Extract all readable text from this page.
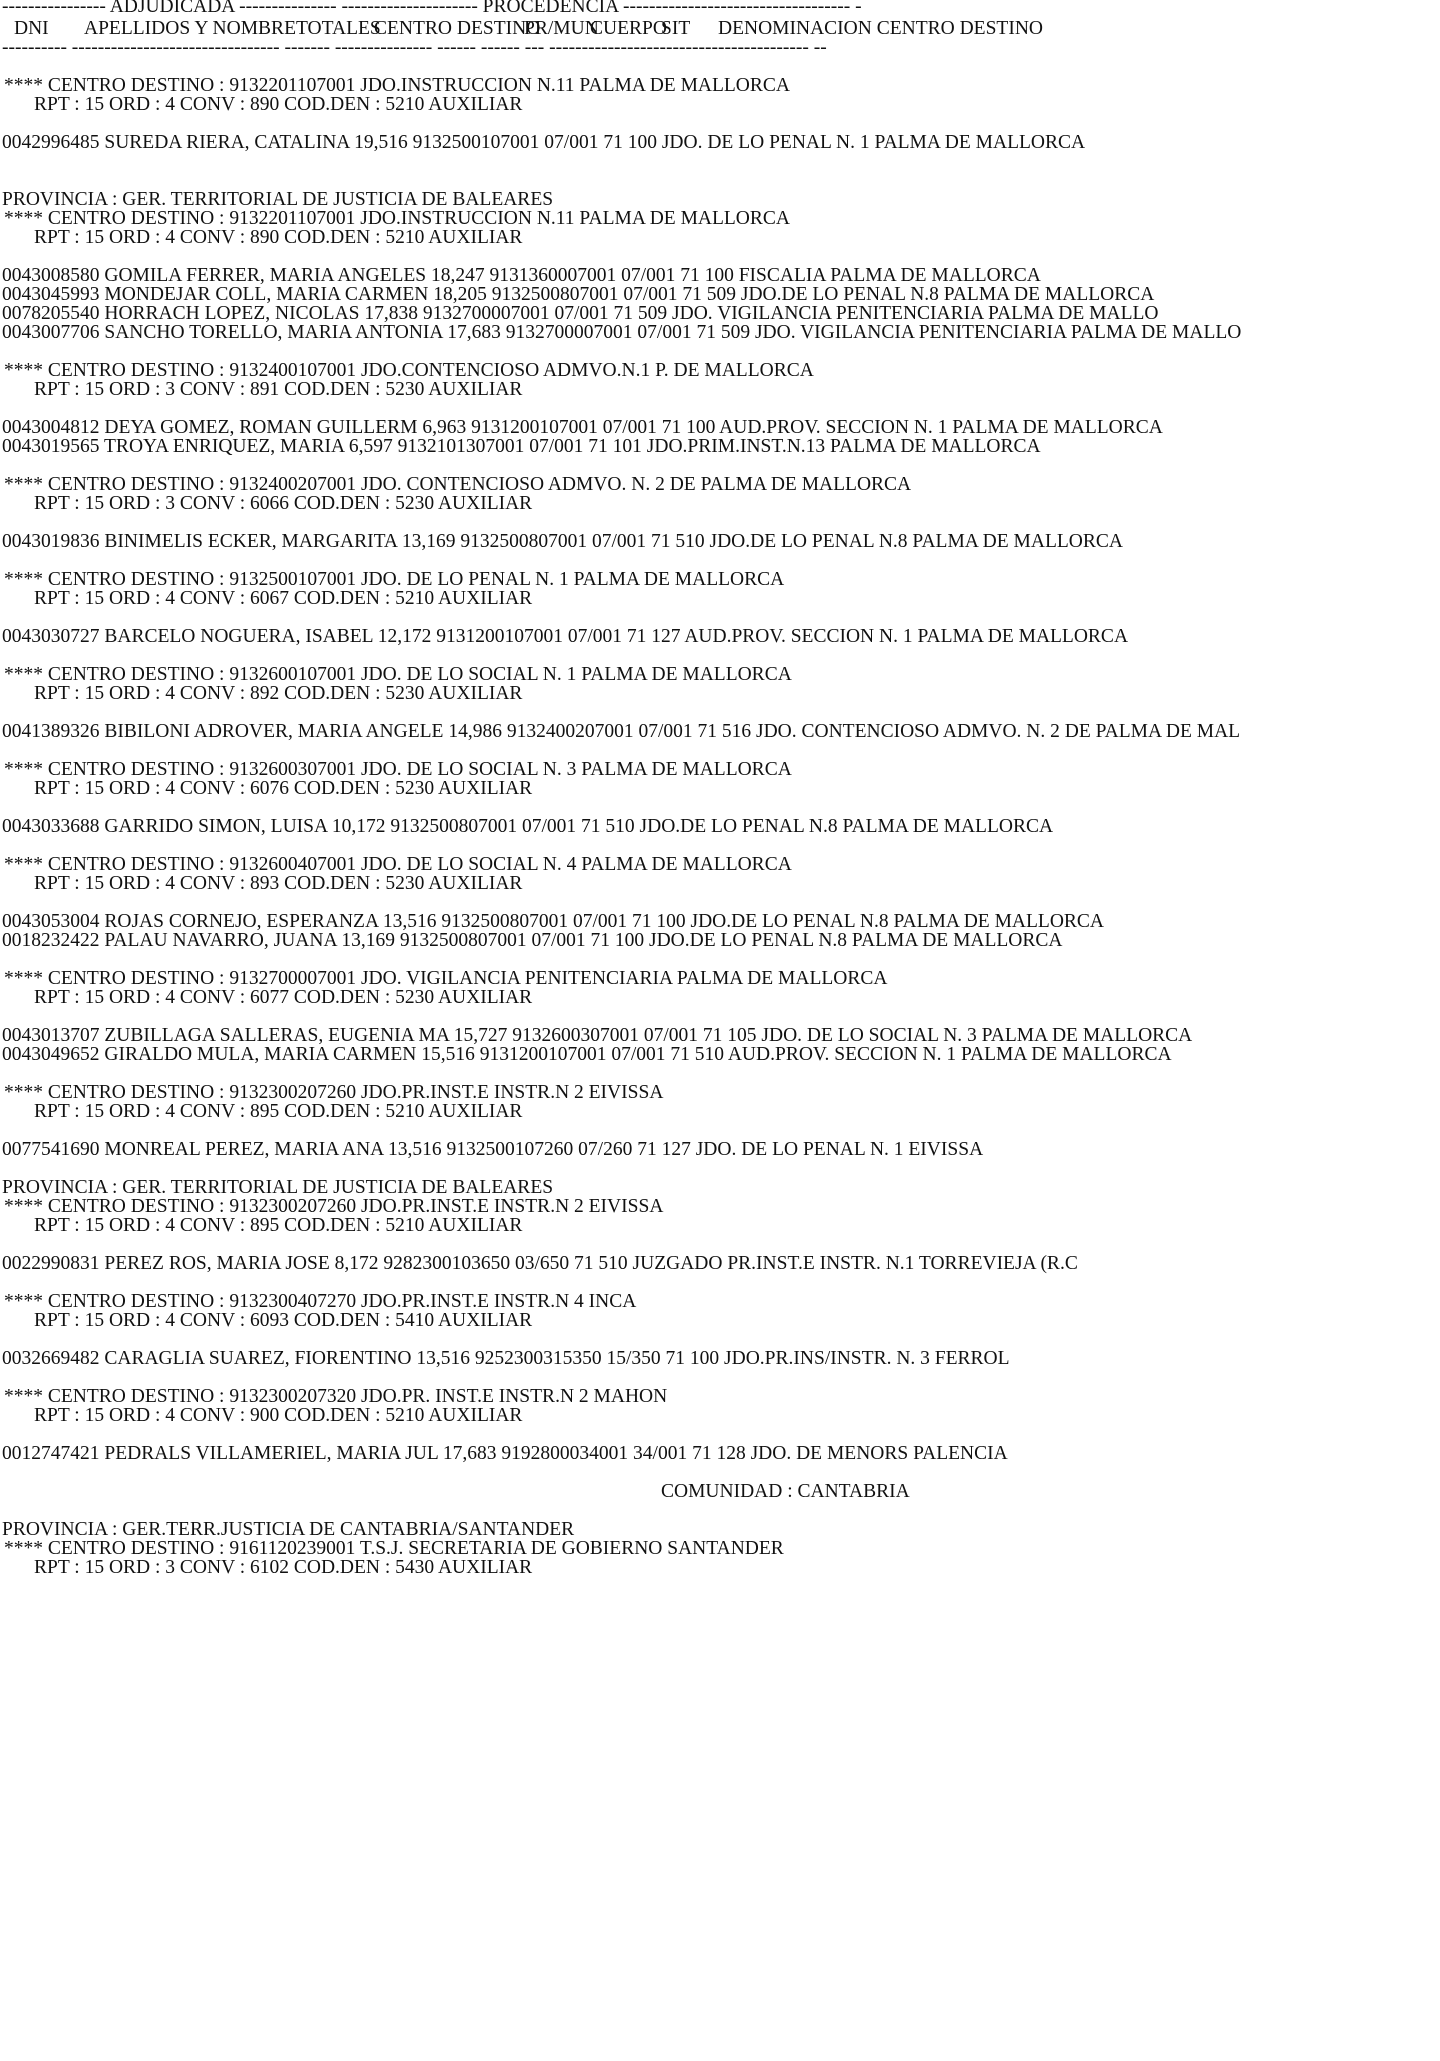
---------------- ADJUDICADA --------------- --------------------- PROCEDENCIA ----------------------------------- -
DNI APELLIDOS Y NOMBRE TOTALES
CENTRO DESTINO
PR/MUN
CUERPO
SIT DENOMINACION CENTRO DESTINO
---------- -------------------------------- ------- --------------- ------ ------ --- ---------------------------------------- --
**** CENTRO DESTINO : 9132201107001 JDO.INSTRUCCION N.11 PALMA DE MALLORCA
RPT : 15 ORD : 4 CONV : 890 COD.DEN : 5210 AUXILIAR
0042996485 SUREDA RIERA, CATALINA 19,516 9132500107001 07/001 71 100 JDO. DE LO PENAL N. 1 PALMA DE MALLORCA
PROVINCIA : GER. TERRITORIAL DE JUSTICIA DE BALEARES
**** CENTRO DESTINO : 9132201107001 JDO.INSTRUCCION N.11 PALMA DE MALLORCA
RPT : 15 ORD : 4 CONV : 890 COD.DEN : 5210 AUXILIAR
0043008580 GOMILA FERRER, MARIA ANGELES 18,247 9131360007001 07/001 71 100 FISCALIA PALMA DE MALLORCA
0043045993 MONDEJAR COLL, MARIA CARMEN 18,205 9132500807001 07/001 71 509 JDO.DE LO PENAL N.8 PALMA DE MALLORCA
0078205540 HORRACH LOPEZ, NICOLAS 17,838 9132700007001 07/001 71 509 JDO. VIGILANCIA PENITENCIARIA PALMA DE MALLO
0043007706 SANCHO TORELLO, MARIA ANTONIA 17,683 9132700007001 07/001 71 509 JDO. VIGILANCIA PENITENCIARIA PALMA DE MALLO
**** CENTRO DESTINO : 9132400107001 JDO.CONTENCIOSO ADMVO.N.1 P. DE MALLORCA
RPT : 15 ORD : 3 CONV : 891 COD.DEN : 5230 AUXILIAR
0043004812 DEYA GOMEZ, ROMAN GUILLERM 6,963 9131200107001 07/001 71 100 AUD.PROV. SECCION N. 1 PALMA DE MALLORCA
0043019565 TROYA ENRIQUEZ, MARIA 6,597 9132101307001 07/001 71 101 JDO.PRIM.INST.N.13 PALMA DE MALLORCA
**** CENTRO DESTINO : 9132400207001 JDO. CONTENCIOSO ADMVO. N. 2 DE PALMA DE MALLORCA
RPT : 15 ORD : 3 CONV : 6066 COD.DEN : 5230 AUXILIAR
0043019836 BINIMELIS ECKER, MARGARITA 13,169 9132500807001 07/001 71 510 JDO.DE LO PENAL N.8 PALMA DE MALLORCA
**** CENTRO DESTINO : 9132500107001 JDO. DE LO PENAL N. 1 PALMA DE MALLORCA
RPT : 15 ORD : 4 CONV : 6067 COD.DEN : 5210 AUXILIAR
0043030727 BARCELO NOGUERA, ISABEL 12,172 9131200107001 07/001 71 127 AUD.PROV. SECCION N. 1 PALMA DE MALLORCA
**** CENTRO DESTINO : 9132600107001 JDO. DE LO SOCIAL N. 1 PALMA DE MALLORCA
RPT : 15 ORD : 4 CONV : 892 COD.DEN : 5230 AUXILIAR
0041389326 BIBILONI ADROVER, MARIA ANGELE 14,986 9132400207001 07/001 71 516 JDO. CONTENCIOSO ADMVO. N. 2 DE PALMA DE MAL
**** CENTRO DESTINO : 9132600307001 JDO. DE LO SOCIAL N. 3 PALMA DE MALLORCA
RPT : 15 ORD : 4 CONV : 6076 COD.DEN : 5230 AUXILIAR
0043033688 GARRIDO SIMON, LUISA 10,172 9132500807001 07/001 71 510 JDO.DE LO PENAL N.8 PALMA DE MALLORCA
**** CENTRO DESTINO : 9132600407001 JDO. DE LO SOCIAL N. 4 PALMA DE MALLORCA
RPT : 15 ORD : 4 CONV : 893 COD.DEN : 5230 AUXILIAR
0043053004 ROJAS CORNEJO, ESPERANZA 13,516 9132500807001 07/001 71 100 JDO.DE LO PENAL N.8 PALMA DE MALLORCA
0018232422 PALAU NAVARRO, JUANA 13,169 9132500807001 07/001 71 100 JDO.DE LO PENAL N.8 PALMA DE MALLORCA
**** CENTRO DESTINO : 9132700007001 JDO. VIGILANCIA PENITENCIARIA PALMA DE MALLORCA
RPT : 15 ORD : 4 CONV : 6077 COD.DEN : 5230 AUXILIAR
0043013707 ZUBILLAGA SALLERAS, EUGENIA MA 15,727 9132600307001 07/001 71 105 JDO. DE LO SOCIAL N. 3 PALMA DE MALLORCA
0043049652 GIRALDO MULA, MARIA CARMEN 15,516 9131200107001 07/001 71 510 AUD.PROV. SECCION N. 1 PALMA DE MALLORCA
**** CENTRO DESTINO : 9132300207260 JDO.PR.INST.E INSTR.N 2 EIVISSA
RPT : 15 ORD : 4 CONV : 895 COD.DEN : 5210 AUXILIAR
0077541690 MONREAL PEREZ, MARIA ANA 13,516 9132500107260 07/260 71 127 JDO. DE LO PENAL N. 1 EIVISSA
PROVINCIA : GER. TERRITORIAL DE JUSTICIA DE BALEARES
**** CENTRO DESTINO : 9132300207260 JDO.PR.INST.E INSTR.N 2 EIVISSA
RPT : 15 ORD : 4 CONV : 895 COD.DEN : 5210 AUXILIAR
0022990831 PEREZ ROS, MARIA JOSE 8,172 9282300103650 03/650 71 510 JUZGADO PR.INST.E INSTR. N.1 TORREVIEJA (R.C
**** CENTRO DESTINO : 9132300407270 JDO.PR.INST.E INSTR.N 4 INCA
RPT : 15 ORD : 4 CONV : 6093 COD.DEN : 5410 AUXILIAR
0032669482 CARAGLIA SUAREZ, FIORENTINO 13,516 9252300315350 15/350 71 100 JDO.PR.INS/INSTR. N. 3 FERROL
**** CENTRO DESTINO : 9132300207320 JDO.PR. INST.E INSTR.N 2 MAHON
RPT : 15 ORD : 4 CONV : 900 COD.DEN : 5210 AUXILIAR
0012747421 PEDRALS VILLAMERIEL, MARIA JUL 17,683 9192800034001 34/001 71 128 JDO. DE MENORS PALENCIA
COMUNIDAD : CANTABRIA
PROVINCIA : GER.TERR.JUSTICIA DE CANTABRIA/SANTANDER
**** CENTRO DESTINO : 9161120239001 T.S.J. SECRETARIA DE GOBIERNO SANTANDER
RPT : 15 ORD : 3 CONV : 6102 COD.DEN : 5430 AUXILIAR
